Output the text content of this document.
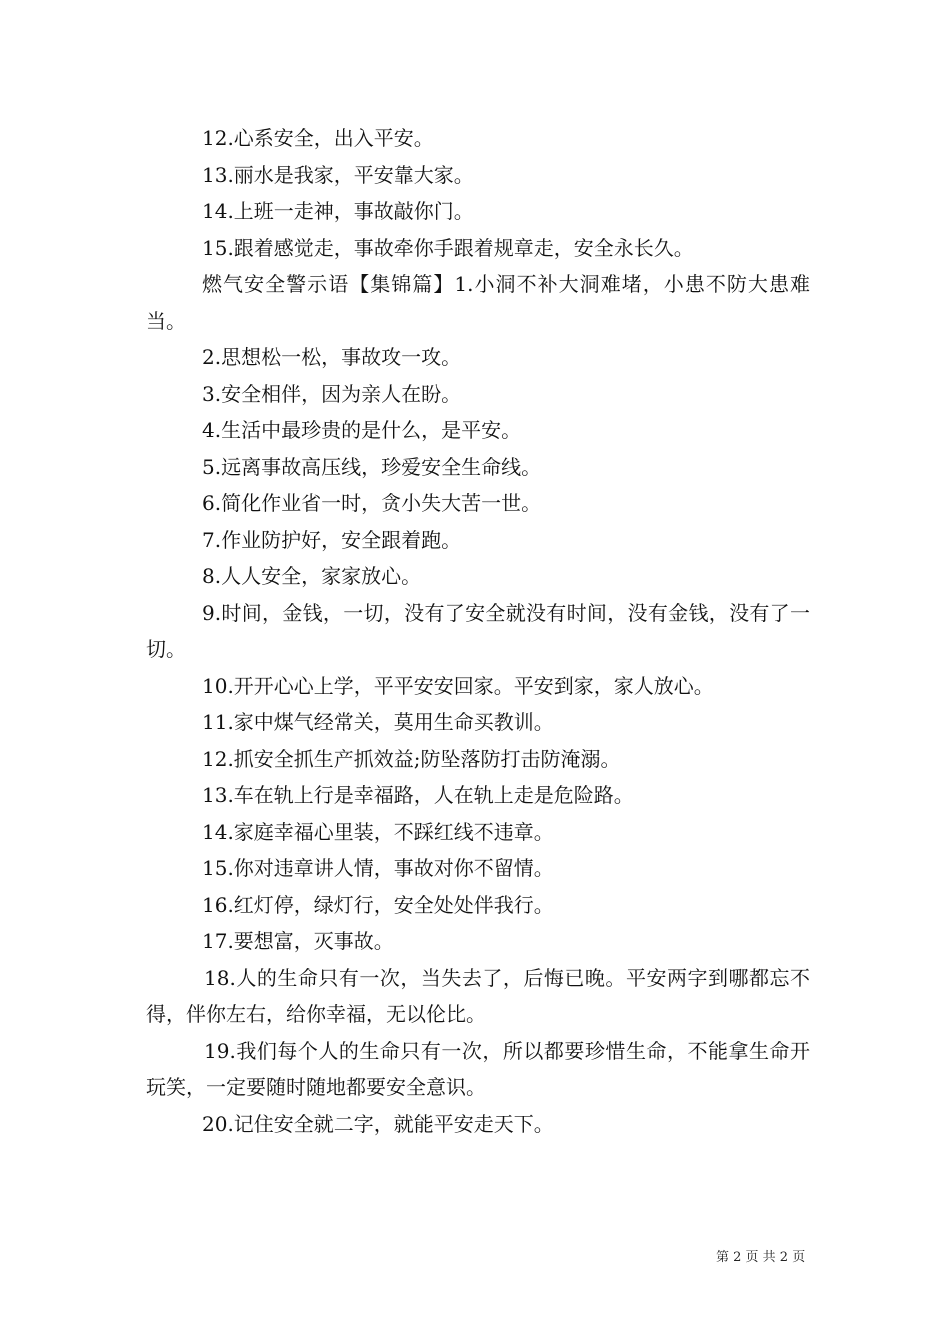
12.心系安全，出入平安。

13.丽水是我家，平安靠大家。

14.上班一走神，事故敲你门。

15.跟着感觉走，事故牵你手跟着规章走，安全永长久。

燃气安全警示语【集锦篇】1.小洞不补大洞难堵，小患不防大患难当。

2.思想松一松，事故攻一攻。

3.安全相伴，因为亲人在盼。

4.生活中最珍贵的是什么，是平安。

5.远离事故高压线，珍爱安全生命线。

6.简化作业省一时，贪小失大苦一世。

7.作业防护好，安全跟着跑。

8.人人安全，家家放心。

9.时间，金钱，一切，没有了安全就没有时间，没有金钱，没有了一切。

10.开开心心上学，平平安安回家。平安到家，家人放心。

11.家中煤气经常关，莫用生命买教训。

12.抓安全抓生产抓效益;防坠落防打击防淹溺。

13.车在轨上行是幸福路，人在轨上走是危险路。

14.家庭幸福心里装，不踩红线不违章。

15.你对违章讲人情，事故对你不留情。

16.红灯停，绿灯行，安全处处伴我行。

17.要想富，灭事故。

18.人的生命只有一次，当失去了，后悔已晚。平安两字到哪都忘不得，伴你左右，给你幸福，无以伦比。

19.我们每个人的生命只有一次，所以都要珍惜生命，不能拿生命开玩笑，一定要随时随地都要安全意识。

20.记住安全就二字，就能平安走天下。

第 2 页 共 2 页
